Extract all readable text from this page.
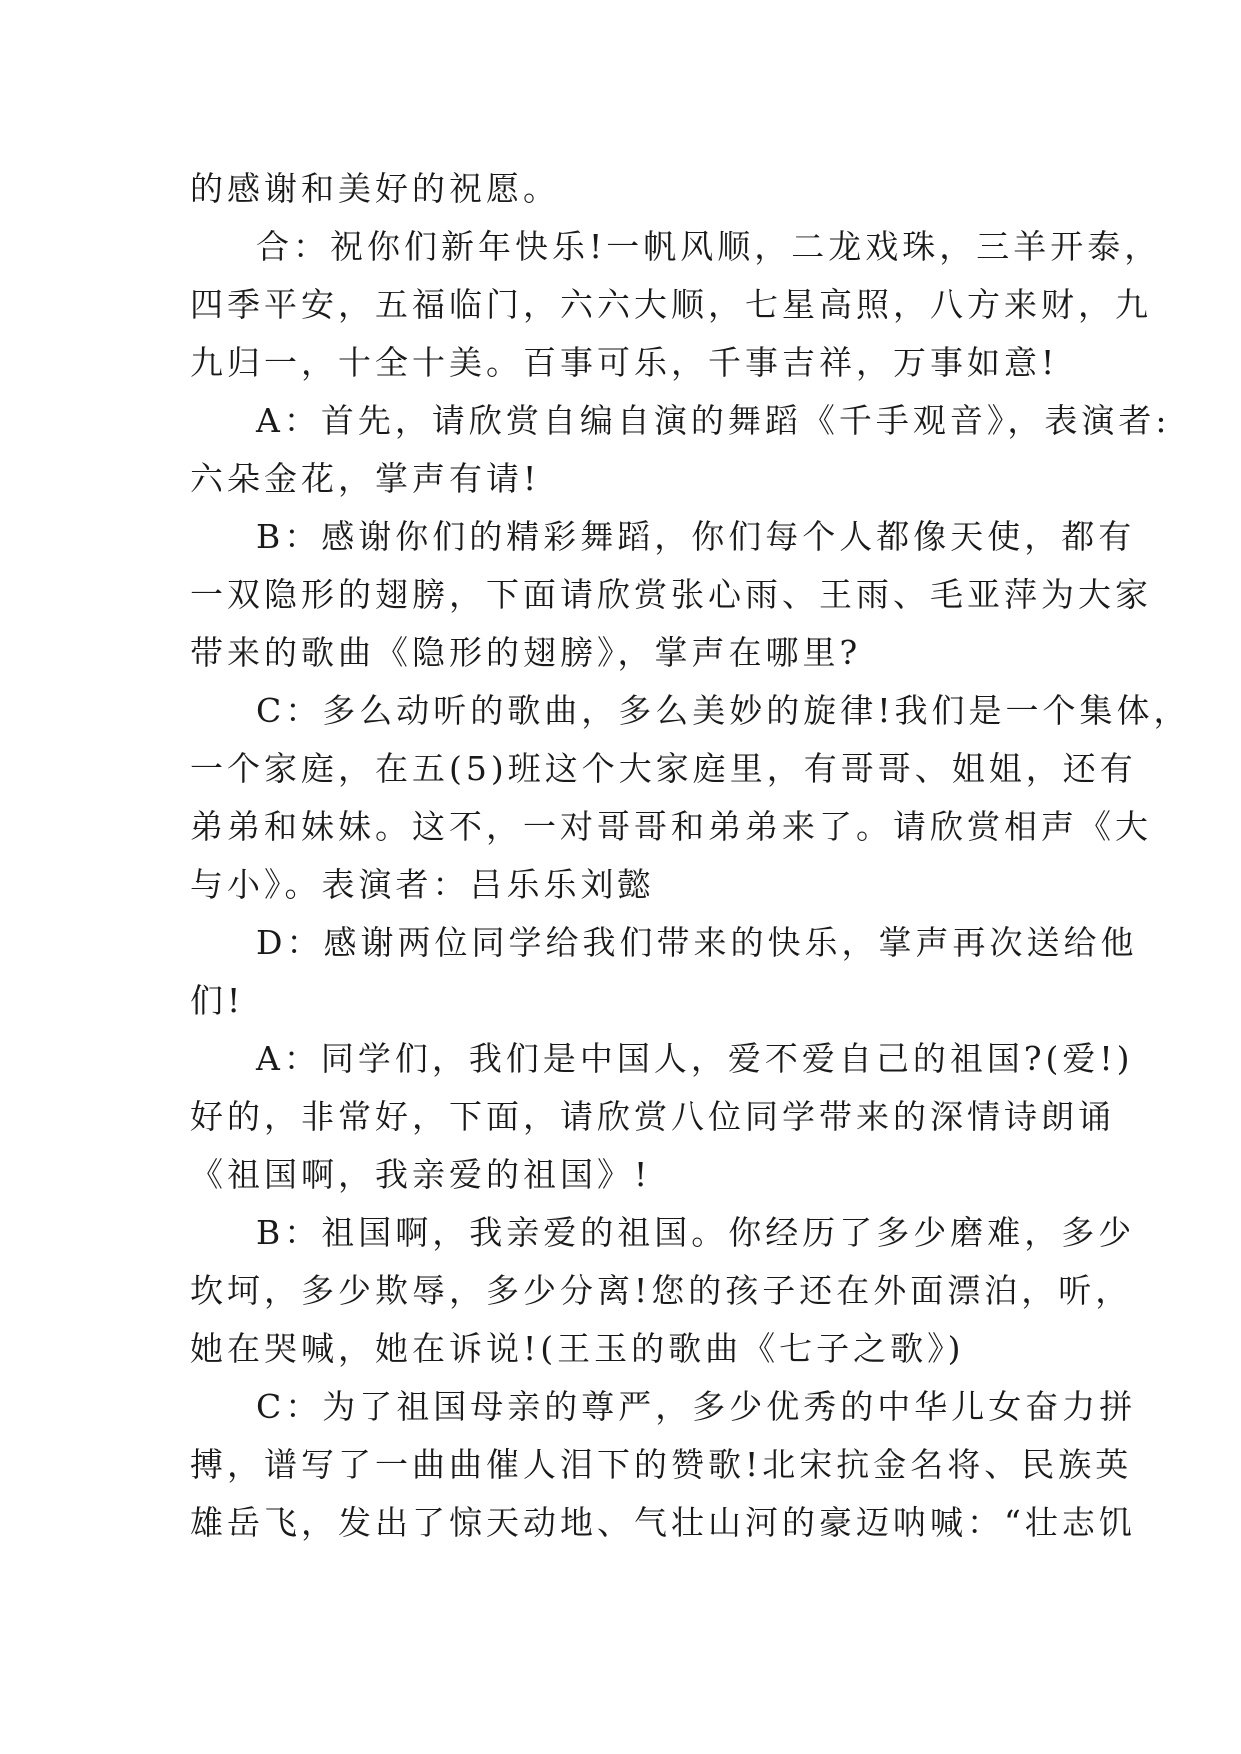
的感谢和美好的祝愿。
合：祝你们新年快乐!一帆风顺，二龙戏珠，三羊开泰，
四季平安，五福临门，六六大顺，七星高照，八方来财，九
九归一，十全十美。百事可乐，千事吉祥，万事如意!
A：首先，请欣赏自编自演的舞蹈《千手观音》，表演者:
六朵金花，掌声有请!
B：感谢你们的精彩舞蹈，你们每个人都像天使，都有
一双隐形的翅膀，下面请欣赏张心雨、王雨、毛亚萍为大家
带来的歌曲《隐形的翅膀》，掌声在哪里?
C：多么动听的歌曲，多么美妙的旋律!我们是一个集体，
一个家庭，在五(5)班这个大家庭里，有哥哥、姐姐，还有
弟弟和妹妹。这不，一对哥哥和弟弟来了。请欣赏相声《大
与小》。表演者：吕乐乐刘懿
D：感谢两位同学给我们带来的快乐，掌声再次送给他
们!
A：同学们，我们是中国人，爱不爱自己的祖国?(爱!)
好的，非常好，下面，请欣赏八位同学带来的深情诗朗诵
《祖国啊，我亲爱的祖国》!
B：祖国啊，我亲爱的祖国。你经历了多少磨难，多少
坎坷，多少欺辱，多少分离!您的孩子还在外面漂泊，听，
她在哭喊，她在诉说!(王玉的歌曲《七子之歌》)
C：为了祖国母亲的尊严，多少优秀的中华儿女奋力拼
搏，谱写了一曲曲催人泪下的赞歌!北宋抗金名将、民族英
雄岳飞，发出了惊天动地、气壮山河的豪迈呐喊：“壮志饥
